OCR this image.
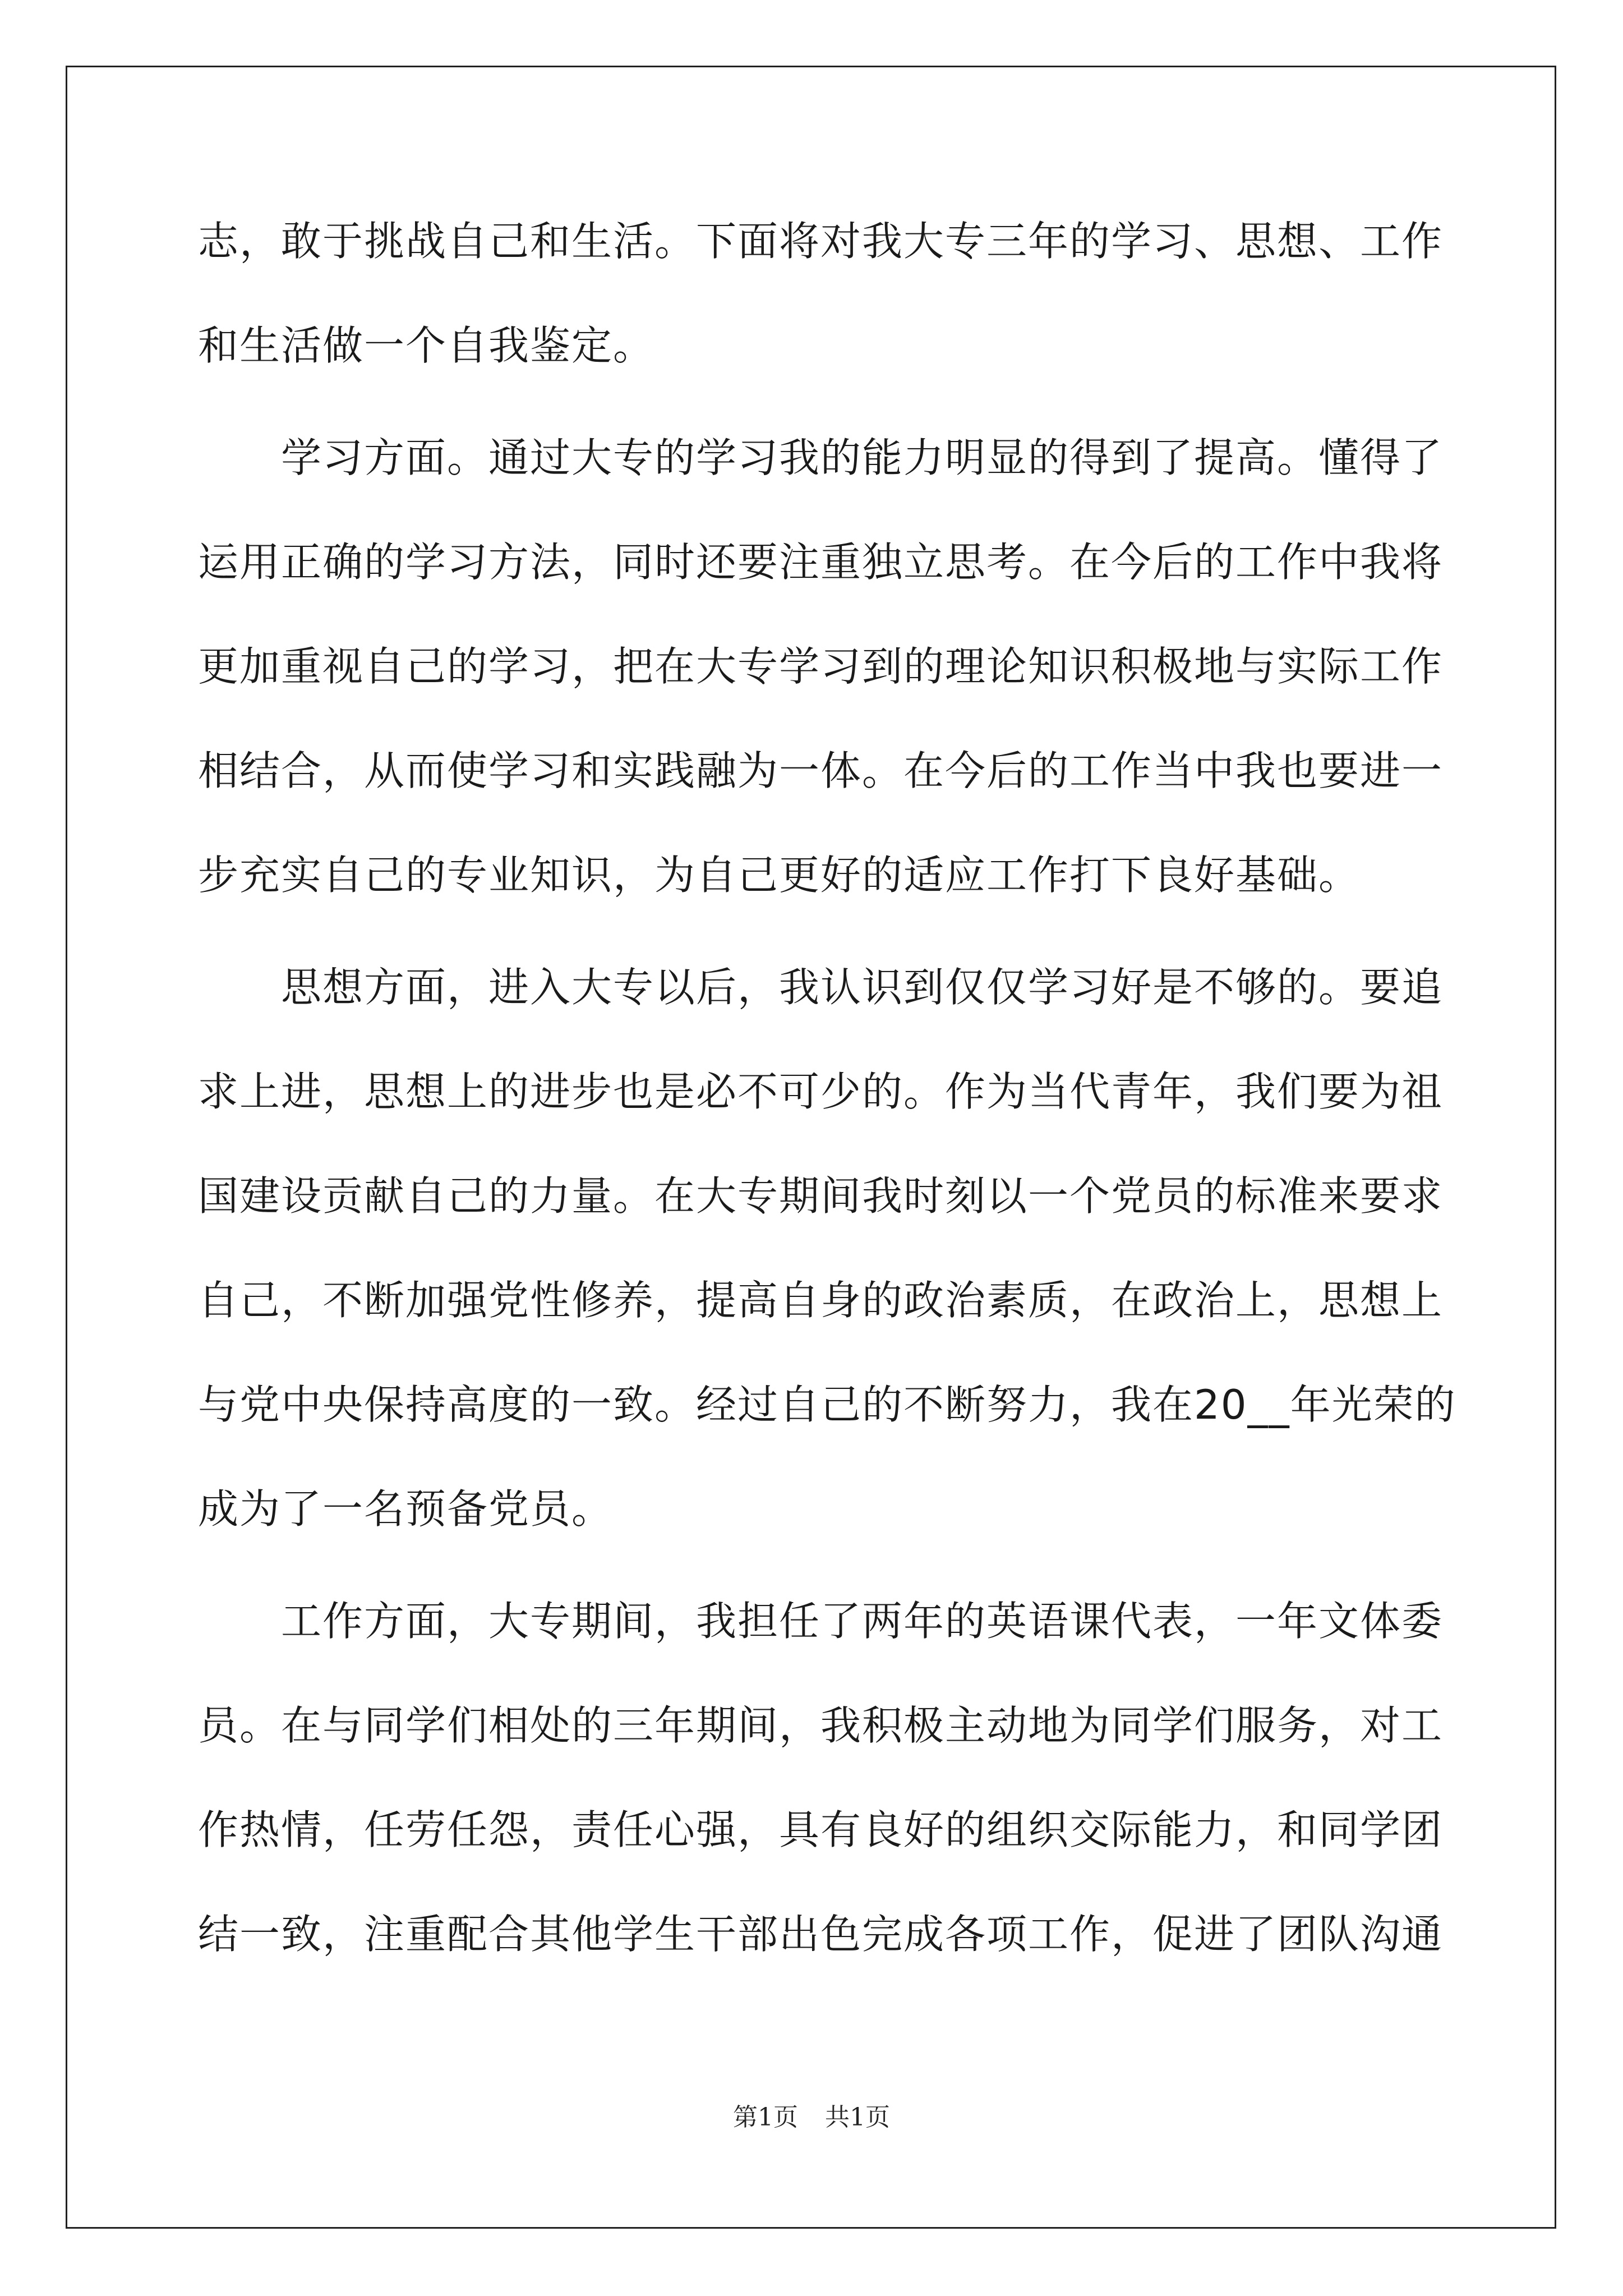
志，敢于挑战自己和生活。下面将对我大专三年的学习、思想、工作
和生活做一个自我鉴定。
　　学习方面。通过大专的学习我的能力明显的得到了提高。懂得了
运用正确的学习方法，同时还要注重独立思考。在今后的工作中我将
更加重视自己的学习，把在大专学习到的理论知识积极地与实际工作
相结合，从而使学习和实践融为一体。在今后的工作当中我也要进一
步充实自己的专业知识，为自己更好的适应工作打下良好基础。
　　思想方面，进入大专以后，我认识到仅仅学习好是不够的。要追
求上进，思想上的进步也是必不可少的。作为当代青年，我们要为祖
国建设贡献自己的力量。在大专期间我时刻以一个党员的标准来要求
自己，不断加强党性修养，提高自身的政治素质，在政治上，思想上
与党中央保持高度的一致。经过自己的不断努力，我在20__年光荣的
成为了一名预备党员。
　　工作方面，大专期间，我担任了两年的英语课代表，一年文体委
员。在与同学们相处的三年期间，我积极主动地为同学们服务，对工
作热情，任劳任怨，责任心强，具有良好的组织交际能力，和同学团
结一致，注重配合其他学生干部出色完成各项工作，促进了团队沟通
第1页 共1页
